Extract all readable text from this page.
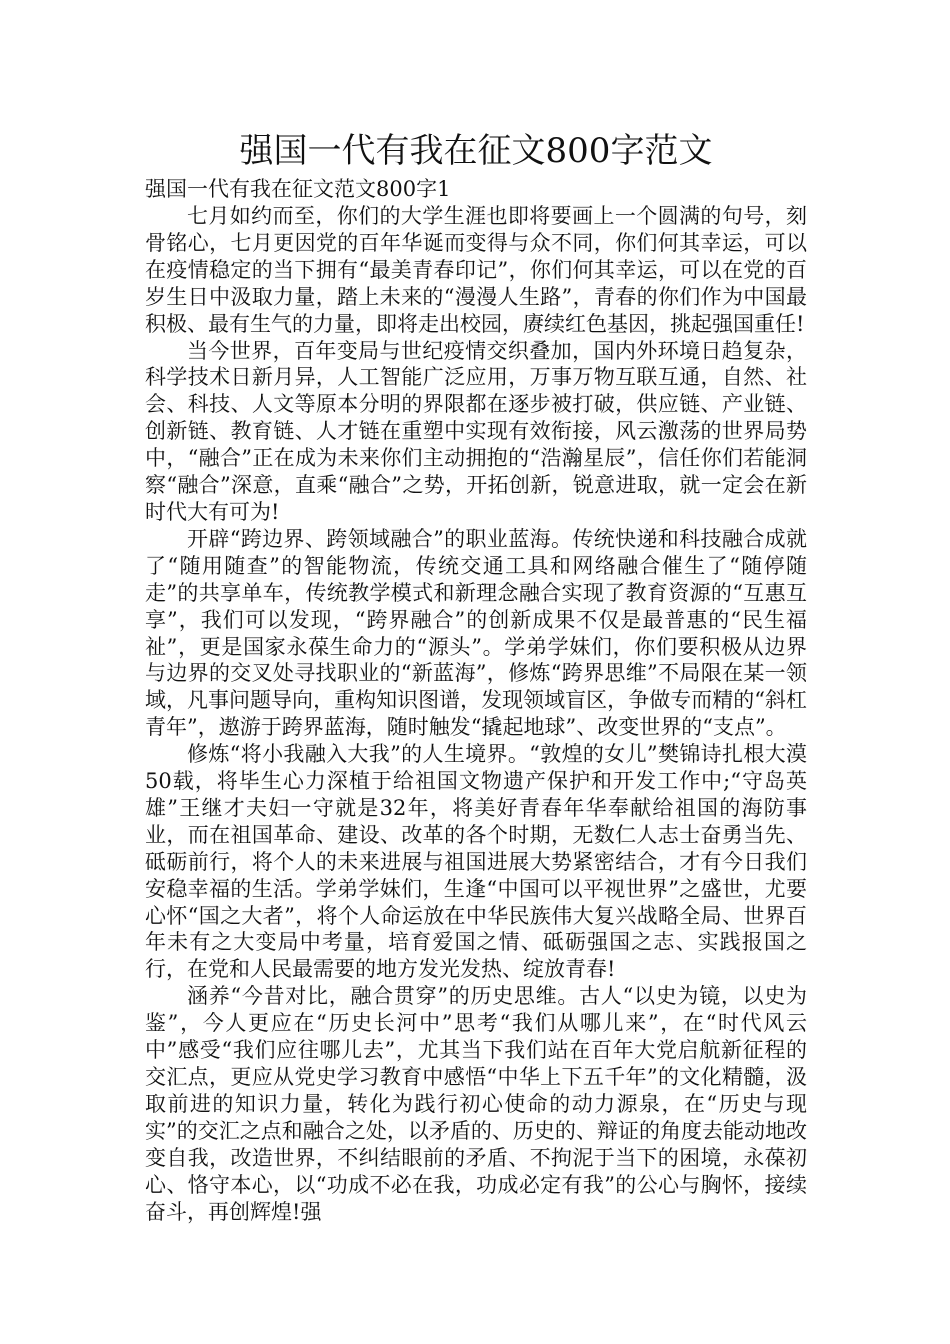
强国一代有我在征文800字范文

强国一代有我在征文范文800字1

七月如约而至，你们的大学生涯也即将要画上一个圆满的句号，刻骨铭心，七月更因党的百年华诞而变得与众不同，你们何其幸运，可以在疫情稳定的当下拥有“最美青春印记”，你们何其幸运，可以在党的百岁生日中汲取力量，踏上未来的“漫漫人生路”，青春的你们作为中国最积极、最有生气的力量，即将走出校园，赓续红色基因，挑起强国重任!

当今世界，百年变局与世纪疫情交织叠加，国内外环境日趋复杂，科学技术日新月异，人工智能广泛应用，万事万物互联互通，自然、社会、科技、人文等原本分明的界限都在逐步被打破，供应链、产业链、创新链、教育链、人才链在重塑中实现有效衔接，风云激荡的世界局势中，“融合”正在成为未来你们主动拥抱的“浩瀚星辰”，信任你们若能洞察“融合”深意，直乘“融合”之势，开拓创新，锐意进取，就一定会在新时代大有可为!

开辟“跨边界、跨领域融合”的职业蓝海。传统快递和科技融合成就了“随用随查”的智能物流，传统交通工具和网络融合催生了“随停随走”的共享单车，传统教学模式和新理念融合实现了教育资源的“互惠互享”，我们可以发现，“跨界融合”的创新成果不仅是最普惠的“民生福祉”，更是国家永葆生命力的“源头”。学弟学妹们，你们要积极从边界与边界的交叉处寻找职业的“新蓝海”，修炼“跨界思维”不局限在某一领域，凡事问题导向，重构知识图谱，发现领域盲区，争做专而精的“斜杠青年”，遨游于跨界蓝海，随时触发“撬起地球”、改变世界的“支点”。

修炼“将小我融入大我”的人生境界。“敦煌的女儿”樊锦诗扎根大漠50载，将毕生心力深植于给祖国文物遗产保护和开发工作中;“守岛英雄”王继才夫妇一守就是32年，将美好青春年华奉献给祖国的海防事业，而在祖国革命、建设、改革的各个时期，无数仁人志士奋勇当先、砥砺前行，将个人的未来进展与祖国进展大势紧密结合，才有今日我们安稳幸福的生活。学弟学妹们，生逢“中国可以平视世界”之盛世，尤要心怀“国之大者”，将个人命运放在中华民族伟大复兴战略全局、世界百年未有之大变局中考量，培育爱国之情、砥砺强国之志、实践报国之行，在党和人民最需要的地方发光发热、绽放青春!

涵养“今昔对比，融合贯穿”的历史思维。古人“以史为镜，以史为鉴”，今人更应在“历史长河中”思考“我们从哪儿来”，在“时代风云中”感受“我们应往哪儿去”，尤其当下我们站在百年大党启航新征程的交汇点，更应从党史学习教育中感悟“中华上下五千年”的文化精髓，汲取前进的知识力量，转化为践行初心使命的动力源泉，在“历史与现实”的交汇之点和融合之处，以矛盾的、历史的、辩证的角度去能动地改变自我，改造世界，不纠结眼前的矛盾、不拘泥于当下的困境，永葆初心、恪守本心，以“功成不必在我，功成必定有我”的公心与胸怀，接续奋斗，再创辉煌!强
